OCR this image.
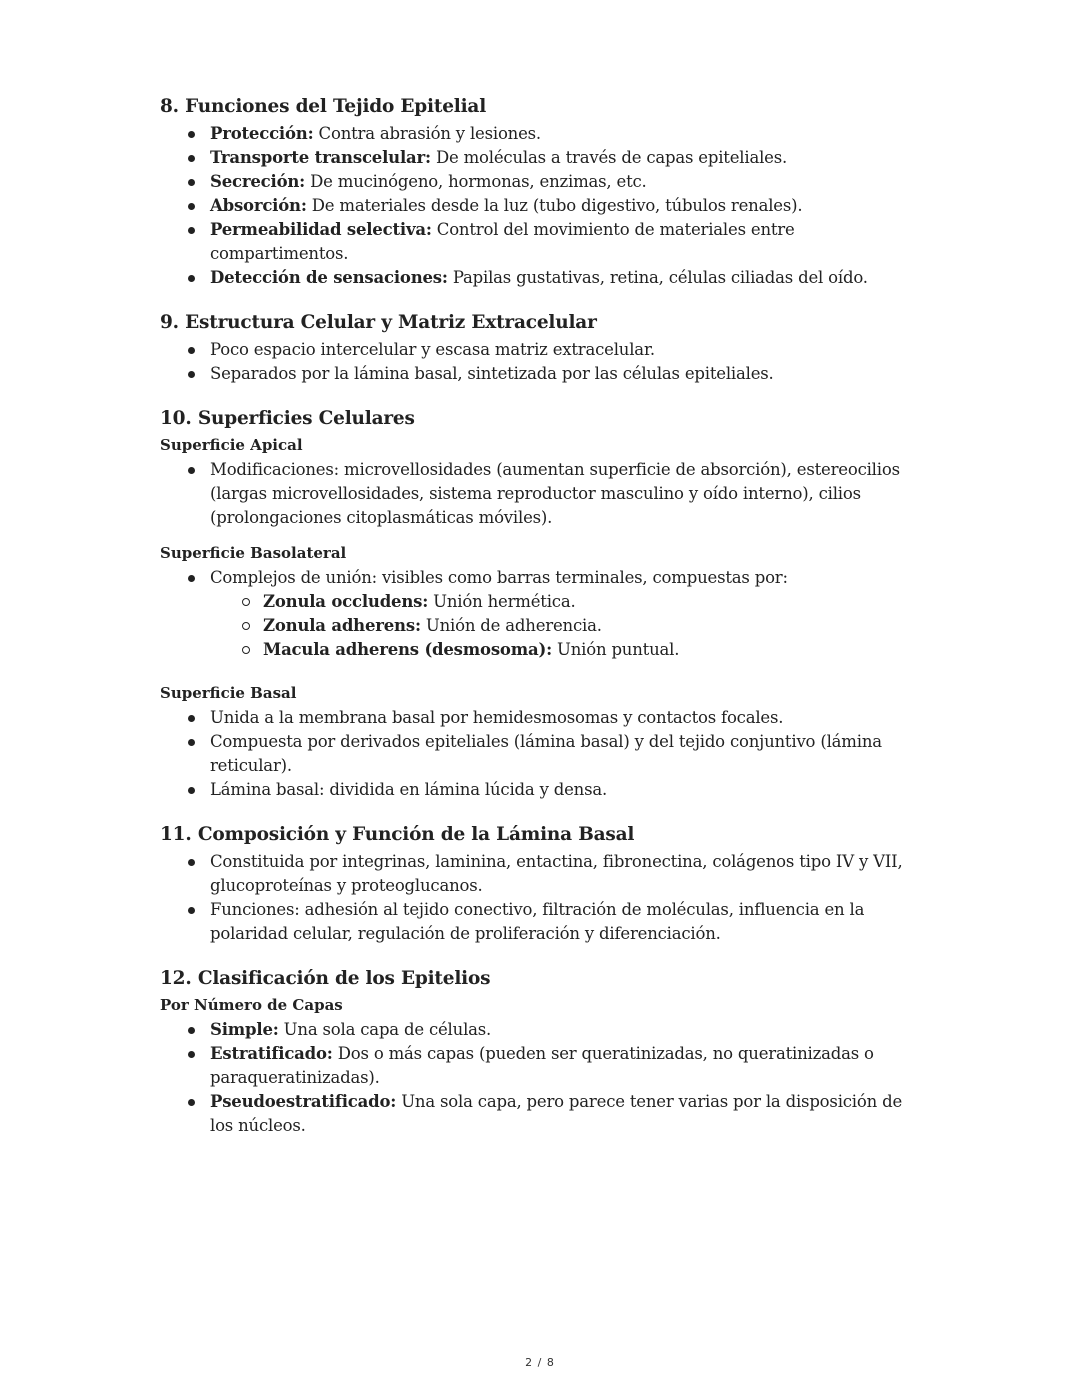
8. Funciones del Tejido Epitelial
Protección: Contra abrasión y lesiones.
Transporte transcelular: De moléculas a través de capas epiteliales.
Secreción: De mucinógeno, hormonas, enzimas, etc.
Absorción: De materiales desde la luz (tubo digestivo, túbulos renales).
Permeabilidad selectiva: Control del movimiento de materiales entre compartimentos.
Detección de sensaciones: Papilas gustativas, retina, células ciliadas del oído.
9. Estructura Celular y Matriz Extracelular
Poco espacio intercelular y escasa matriz extracelular.
Separados por la lámina basal, sintetizada por las células epiteliales.
10. Superficies Celulares
Superficie Apical
Modificaciones: microvellosidades (aumentan superficie de absorción), estereocilios (largas microvellosidades, sistema reproductor masculino y oído interno), cilios (prolongaciones citoplasmáticas móviles).
Superficie Basolateral
Complejos de unión: visibles como barras terminales, compuestas por:
Zonula occludens: Unión hermética.
Zonula adherens: Unión de adherencia.
Macula adherens (desmosoma): Unión puntual.
Superficie Basal
Unida a la membrana basal por hemidesmosomas y contactos focales.
Compuesta por derivados epiteliales (lámina basal) y del tejido conjuntivo (lámina reticular).
Lámina basal: dividida en lámina lúcida y densa.
11. Composición y Función de la Lámina Basal
Constituida por integrinas, laminina, entactina, fibronectina, colágenos tipo IV y VII, glucoproteínas y proteoglucanos.
Funciones: adhesión al tejido conectivo, filtración de moléculas, influencia en la polaridad celular, regulación de proliferación y diferenciación.
12. Clasificación de los Epitelios
Por Número de Capas
Simple: Una sola capa de células.
Estratificado: Dos o más capas (pueden ser queratinizadas, no queratinizadas o paraqueratinizadas).
Pseudoestratificado: Una sola capa, pero parece tener varias por la disposición de los núcleos.
2 / 8
